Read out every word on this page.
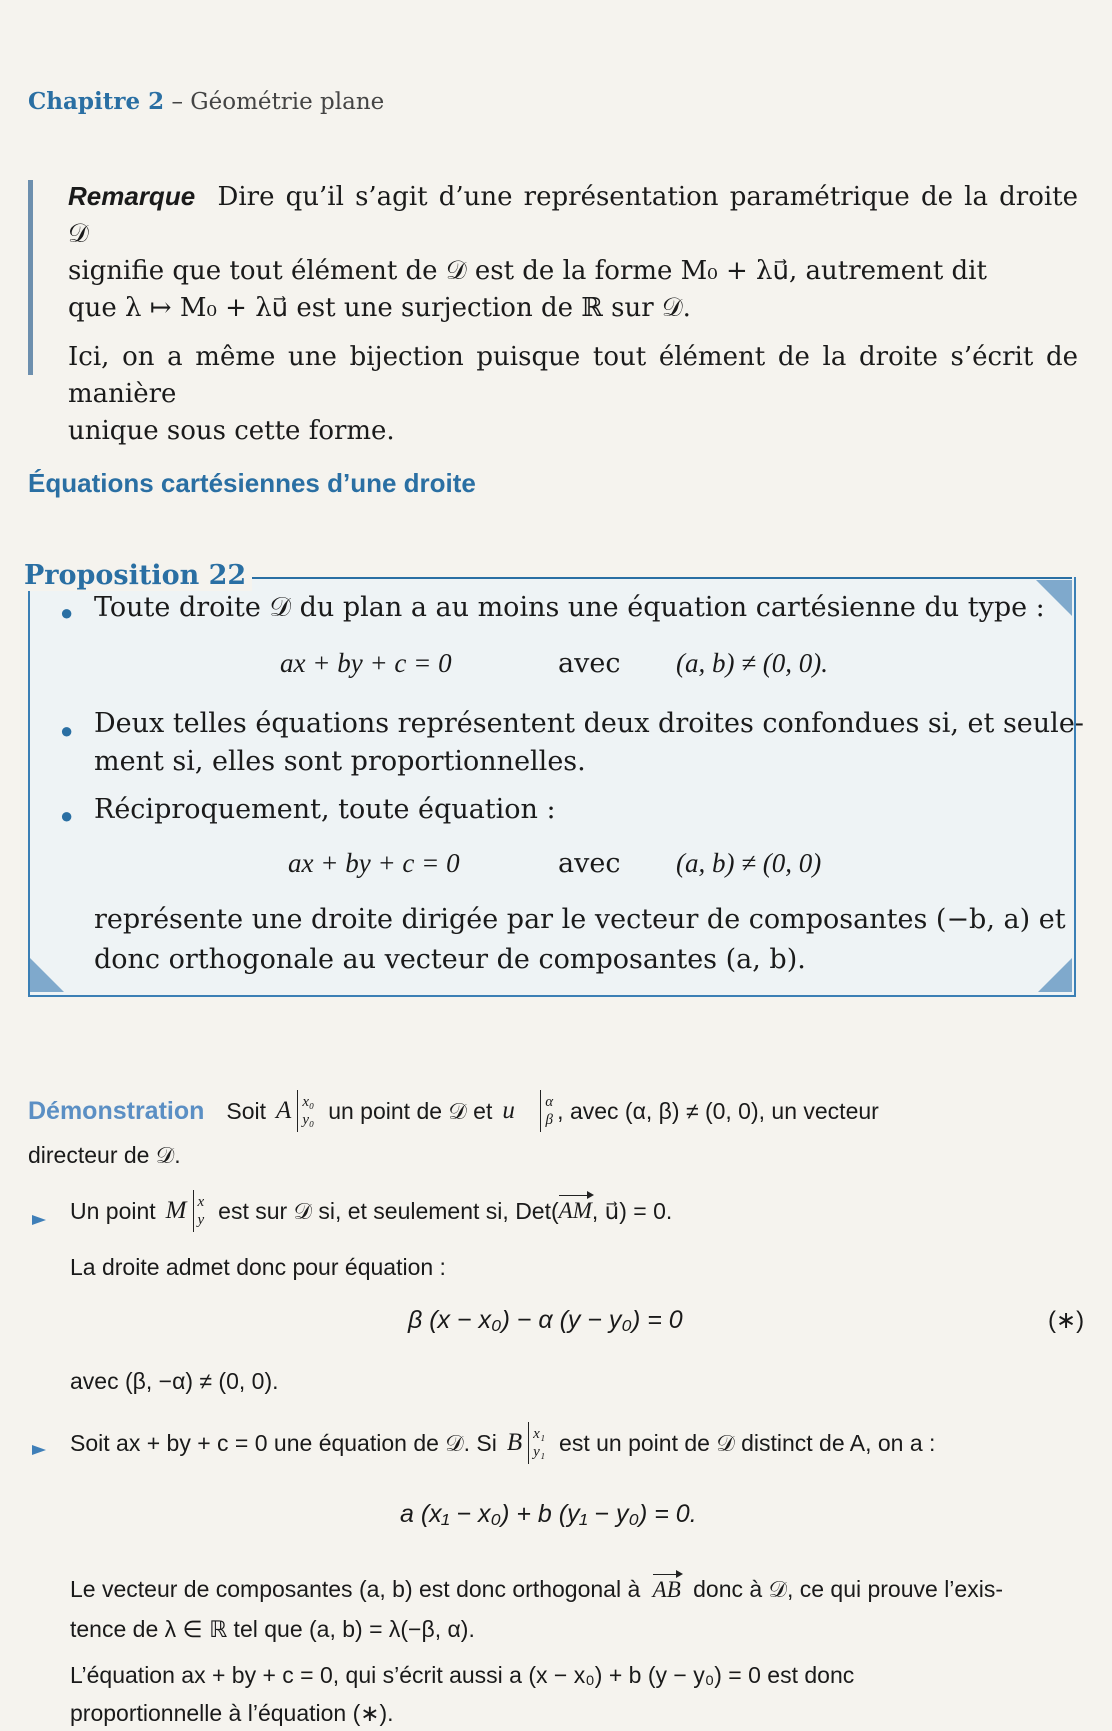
Chapitre 2 – Géométrie plane

Remarque Dire qu’il s’agit d’une représentation paramétrique de la droite 𝒟
signifie que tout élément de 𝒟 est de la forme M₀ + λu⃗, autrement dit
que λ ↦ M₀ + λu⃗ est une surjection de ℝ sur 𝒟.

Ici, on a même une bijection puisque tout élément de la droite s’écrit de manière
unique sous cette forme.

Équations cartésiennes d’une droite
Proposition 22
● Toute droite 𝒟 du plan a au moins une équation cartésienne du type :
ax + by + c = 0	avec (a, b) ≠ (0, 0).
● Deux telles équations représentent deux droites confondues si, et seule-
ment si, elles sont proportionnelles.
● Réciproquement, toute équation :
ax + by + c = 0	avec (a, b) ≠ (0, 0)
représente une droite dirigée par le vecteur de composantes (−b, a) et
donc orthogonale au vecteur de composantes (a, b).
Démonstration Soit A x₀
y₀ un point de 𝒟 et u⃗ α
β , avec (α, β) ≠ (0, 0), un vecteur
directeur de 𝒟.
Un point M x
y est sur 𝒟 si, et seulement si, Det( AM , u⃗) = 0.
La droite admet donc pour équation :
β (x − x₀) − α (y − y₀) = 0	(∗)
avec (β, −α) ≠ (0, 0).
Soit ax + by + c = 0 une équation de 𝒟. Si B x₁
y₁ est un point de 𝒟 distinct de A, on a :
a (x₁ − x₀) + b (y₁ − y₀) = 0.
Le vecteur de composantes (a, b) est donc orthogonal à AB donc à 𝒟, ce qui prouve l’exis-
tence de λ ∈ ℝ tel que (a, b) = λ(−β, α).
L’équation ax + by + c = 0, qui s’écrit aussi a (x − x₀) + b (y − y₀) = 0 est donc
proportionnelle à l’équation (∗).
